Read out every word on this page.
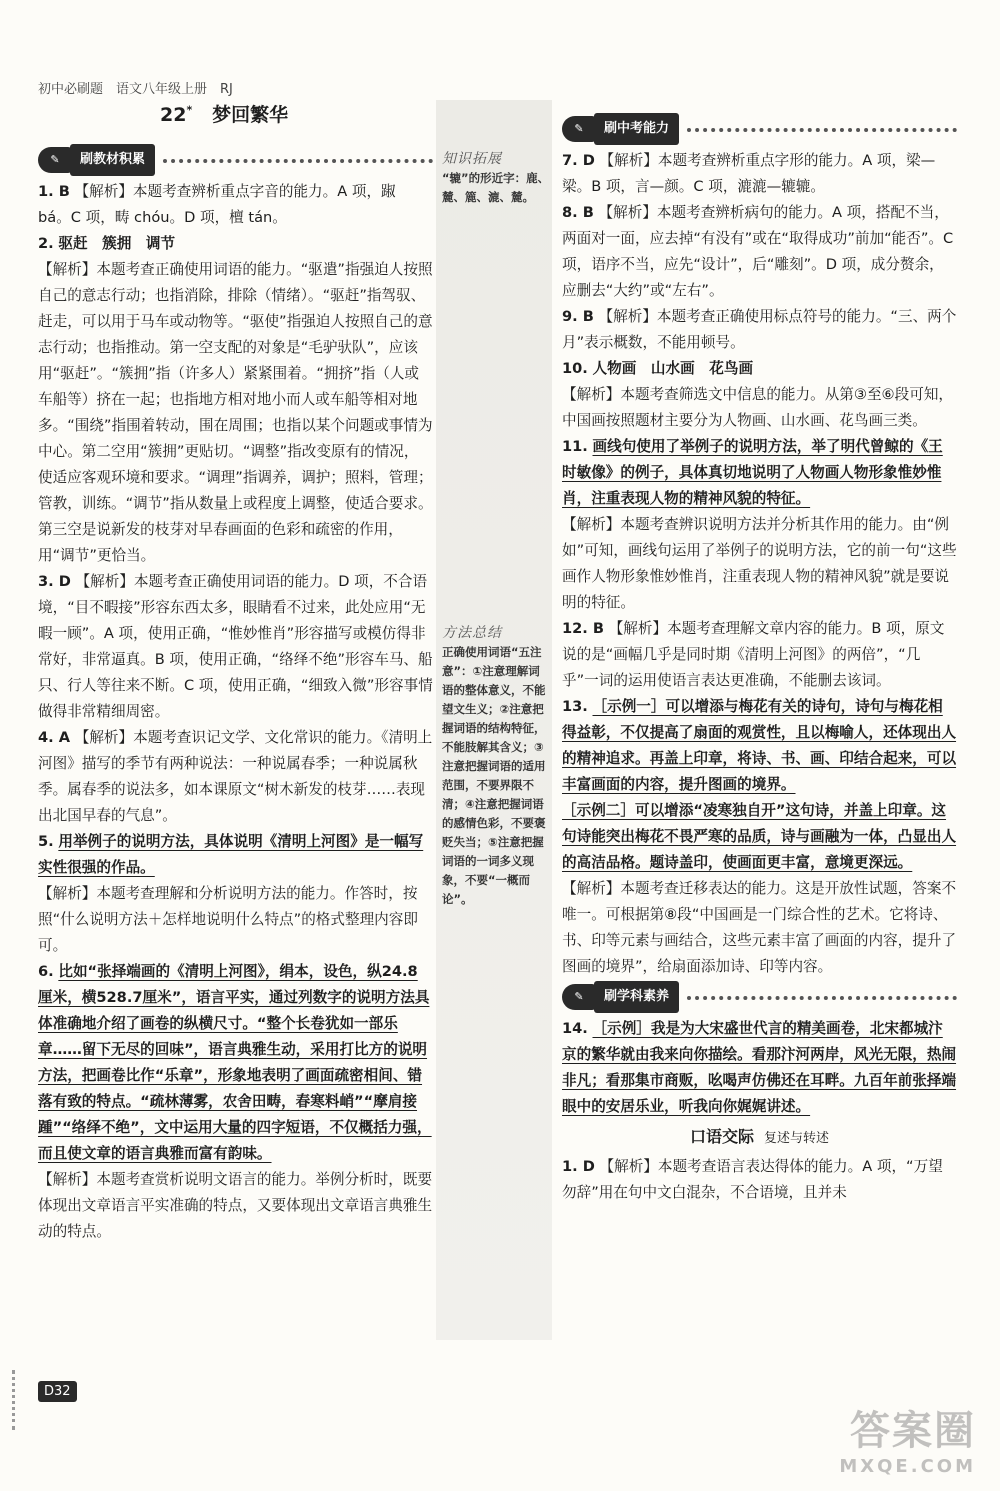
初中必刷题　语文八年级上册　RJ
22* 梦回繁华
✎	刷教材积累

1. B 【解析】本题考查辨析重点字音的能力。A 项，踧 bá。C 项，畴 chóu。D 项，檀 tán。

2. 驱赶　簇拥　调节

【解析】本题考查正确使用词语的能力。“驱遣”指强迫人按照自己的意志行动；也指消除，排除（情绪）。“驱赶”指驾驭、赶走，可以用于马车或动物等。“驱使”指强迫人按照自己的意志行动；也指推动。第一空支配的对象是“毛驴驮队”，应该用“驱赶”。“簇拥”指（许多人）紧紧围着。“拥挤”指（人或车船等）挤在一起；也指地方相对地小而人或车船等相对地多。“围绕”指围着转动，围在周围；也指以某个问题或事情为中心。第二空用“簇拥”更贴切。“调整”指改变原有的情况，使适应客观环境和要求。“调理”指调养，调护；照料，管理；管教，训练。“调节”指从数量上或程度上调整，使适合要求。第三空是说新发的枝芽对早春画面的色彩和疏密的作用，用“调节”更恰当。

3. D 【解析】本题考查正确使用词语的能力。D 项，不合语境，“目不暇接”形容东西太多，眼睛看不过来，此处应用“无暇一顾”。A 项，使用正确，“惟妙惟肖”形容描写或模仿得非常好，非常逼真。B 项，使用正确，“络绎不绝”形容车马、船只、行人等往来不断。C 项，使用正确，“细致入微”形容事情做得非常精细周密。

4. A 【解析】本题考查识记文学、文化常识的能力。《清明上河图》描写的季节有两种说法：一种说属春季；一种说属秋季。属春季的说法多，如本课原文“树木新发的枝芽……表现出北国早春的气息”。

5. 用举例子的说明方法，具体说明《清明上河图》是一幅写实性很强的作品。

【解析】本题考查理解和分析说明方法的能力。作答时，按照“什么说明方法＋怎样地说明什么特点”的格式整理内容即可。

6. 比如“张择端画的《清明上河图》，绢本，设色，纵24.8 厘米，横528.7厘米”，语言平实，通过列数字的说明方法具体准确地介绍了画卷的纵横尺寸。“整个长卷犹如一部乐章……留下无尽的回味”，语言典雅生动，采用打比方的说明方法，把画卷比作“乐章”，形象地表明了画面疏密相间、错落有致的特点。“疏林薄雾，农舍田畴，春寒料峭”“摩肩接踵”“络绎不绝”，文中运用大量的四字短语，不仅概括力强，而且使文章的语言典雅而富有韵味。

【解析】本题考查赏析说明文语言的能力。举例分析时，既要体现出文章语言平实准确的特点，又要体现出文章语言典雅生动的特点。

知识拓展
“辘”的形近字：鹿、麓、簏、漉、麓。
方法总结
正确使用词语“五注意”：①注意理解词语的整体意义，不能望文生义；②注意把握词语的结构特征，不能肢解其含义；③注意把握词语的适用范围，不要界限不清；④注意把握词语的感情色彩，不要褒贬失当；⑤注意把握词语的一词多义现象，不要“一概而论”。
✎	刷中考能力

7. D 【解析】本题考查辨析重点字形的能力。A 项，梁—梁。B 项，言—颜。C 项，漉漉—辘辘。

8. B 【解析】本题考查辨析病句的能力。A 项，搭配不当，两面对一面，应去掉“有没有”或在“取得成功”前加“能否”。C 项，语序不当，应先“设计”，后“雕刻”。D 项，成分赘余，应删去“大约”或“左右”。

9. B 【解析】本题考查正确使用标点符号的能力。“三、两个月”表示概数，不能用顿号。

10. 人物画　山水画　花鸟画

【解析】本题考查筛选文中信息的能力。从第③至⑥段可知，中国画按照题材主要分为人物画、山水画、花鸟画三类。

11. 画线句使用了举例子的说明方法，举了明代曾鲸的《王时敏像》的例子，具体真切地说明了人物画人物形象惟妙惟肖，注重表现人物的精神风貌的特征。

【解析】本题考查辨识说明方法并分析其作用的能力。由“例如”可知，画线句运用了举例子的说明方法，它的前一句“这些画作人物形象惟妙惟肖，注重表现人物的精神风貌”就是要说明的特征。

12. B 【解析】本题考查理解文章内容的能力。B 项，原文说的是“画幅几乎是同时期《清明上河图》的两倍”，“几乎”一词的运用使语言表达更准确，不能删去该词。

13. ［示例一］可以增添与梅花有关的诗句，诗句与梅花相得益彰，不仅提高了扇面的观赏性，且以梅喻人，还体现出人的精神追求。再盖上印章，将诗、书、画、印结合起来，可以丰富画面的内容，提升图画的境界。

［示例二］可以增添“凌寒独自开”这句诗，并盖上印章。这句诗能突出梅花不畏严寒的品质，诗与画融为一体，凸显出人的高洁品格。题诗盖印，使画面更丰富，意境更深远。

【解析】本题考查迁移表达的能力。这是开放性试题，答案不唯一。可根据第⑧段“中国画是一门综合性的艺术。它将诗、书、印等元素与画结合，这些元素丰富了画面的内容，提升了图画的境界”，给扇面添加诗、印等内容。

✎	刷学科素养

14. ［示例］我是为大宋盛世代言的精美画卷，北宋都城汴京的繁华就由我来向你描绘。看那汴河两岸，风光无限，热闹非凡；看那集市商贩，吆喝声仿佛还在耳畔。九百年前张择端眼中的安居乐业，听我向你娓娓讲述。

口语交际 复述与转述

1. D 【解析】本题考查语言表达得体的能力。A 项，“万望勿辞”用在句中文白混杂，不合语境，且并未

D32
答案圈
MXQE.COM
